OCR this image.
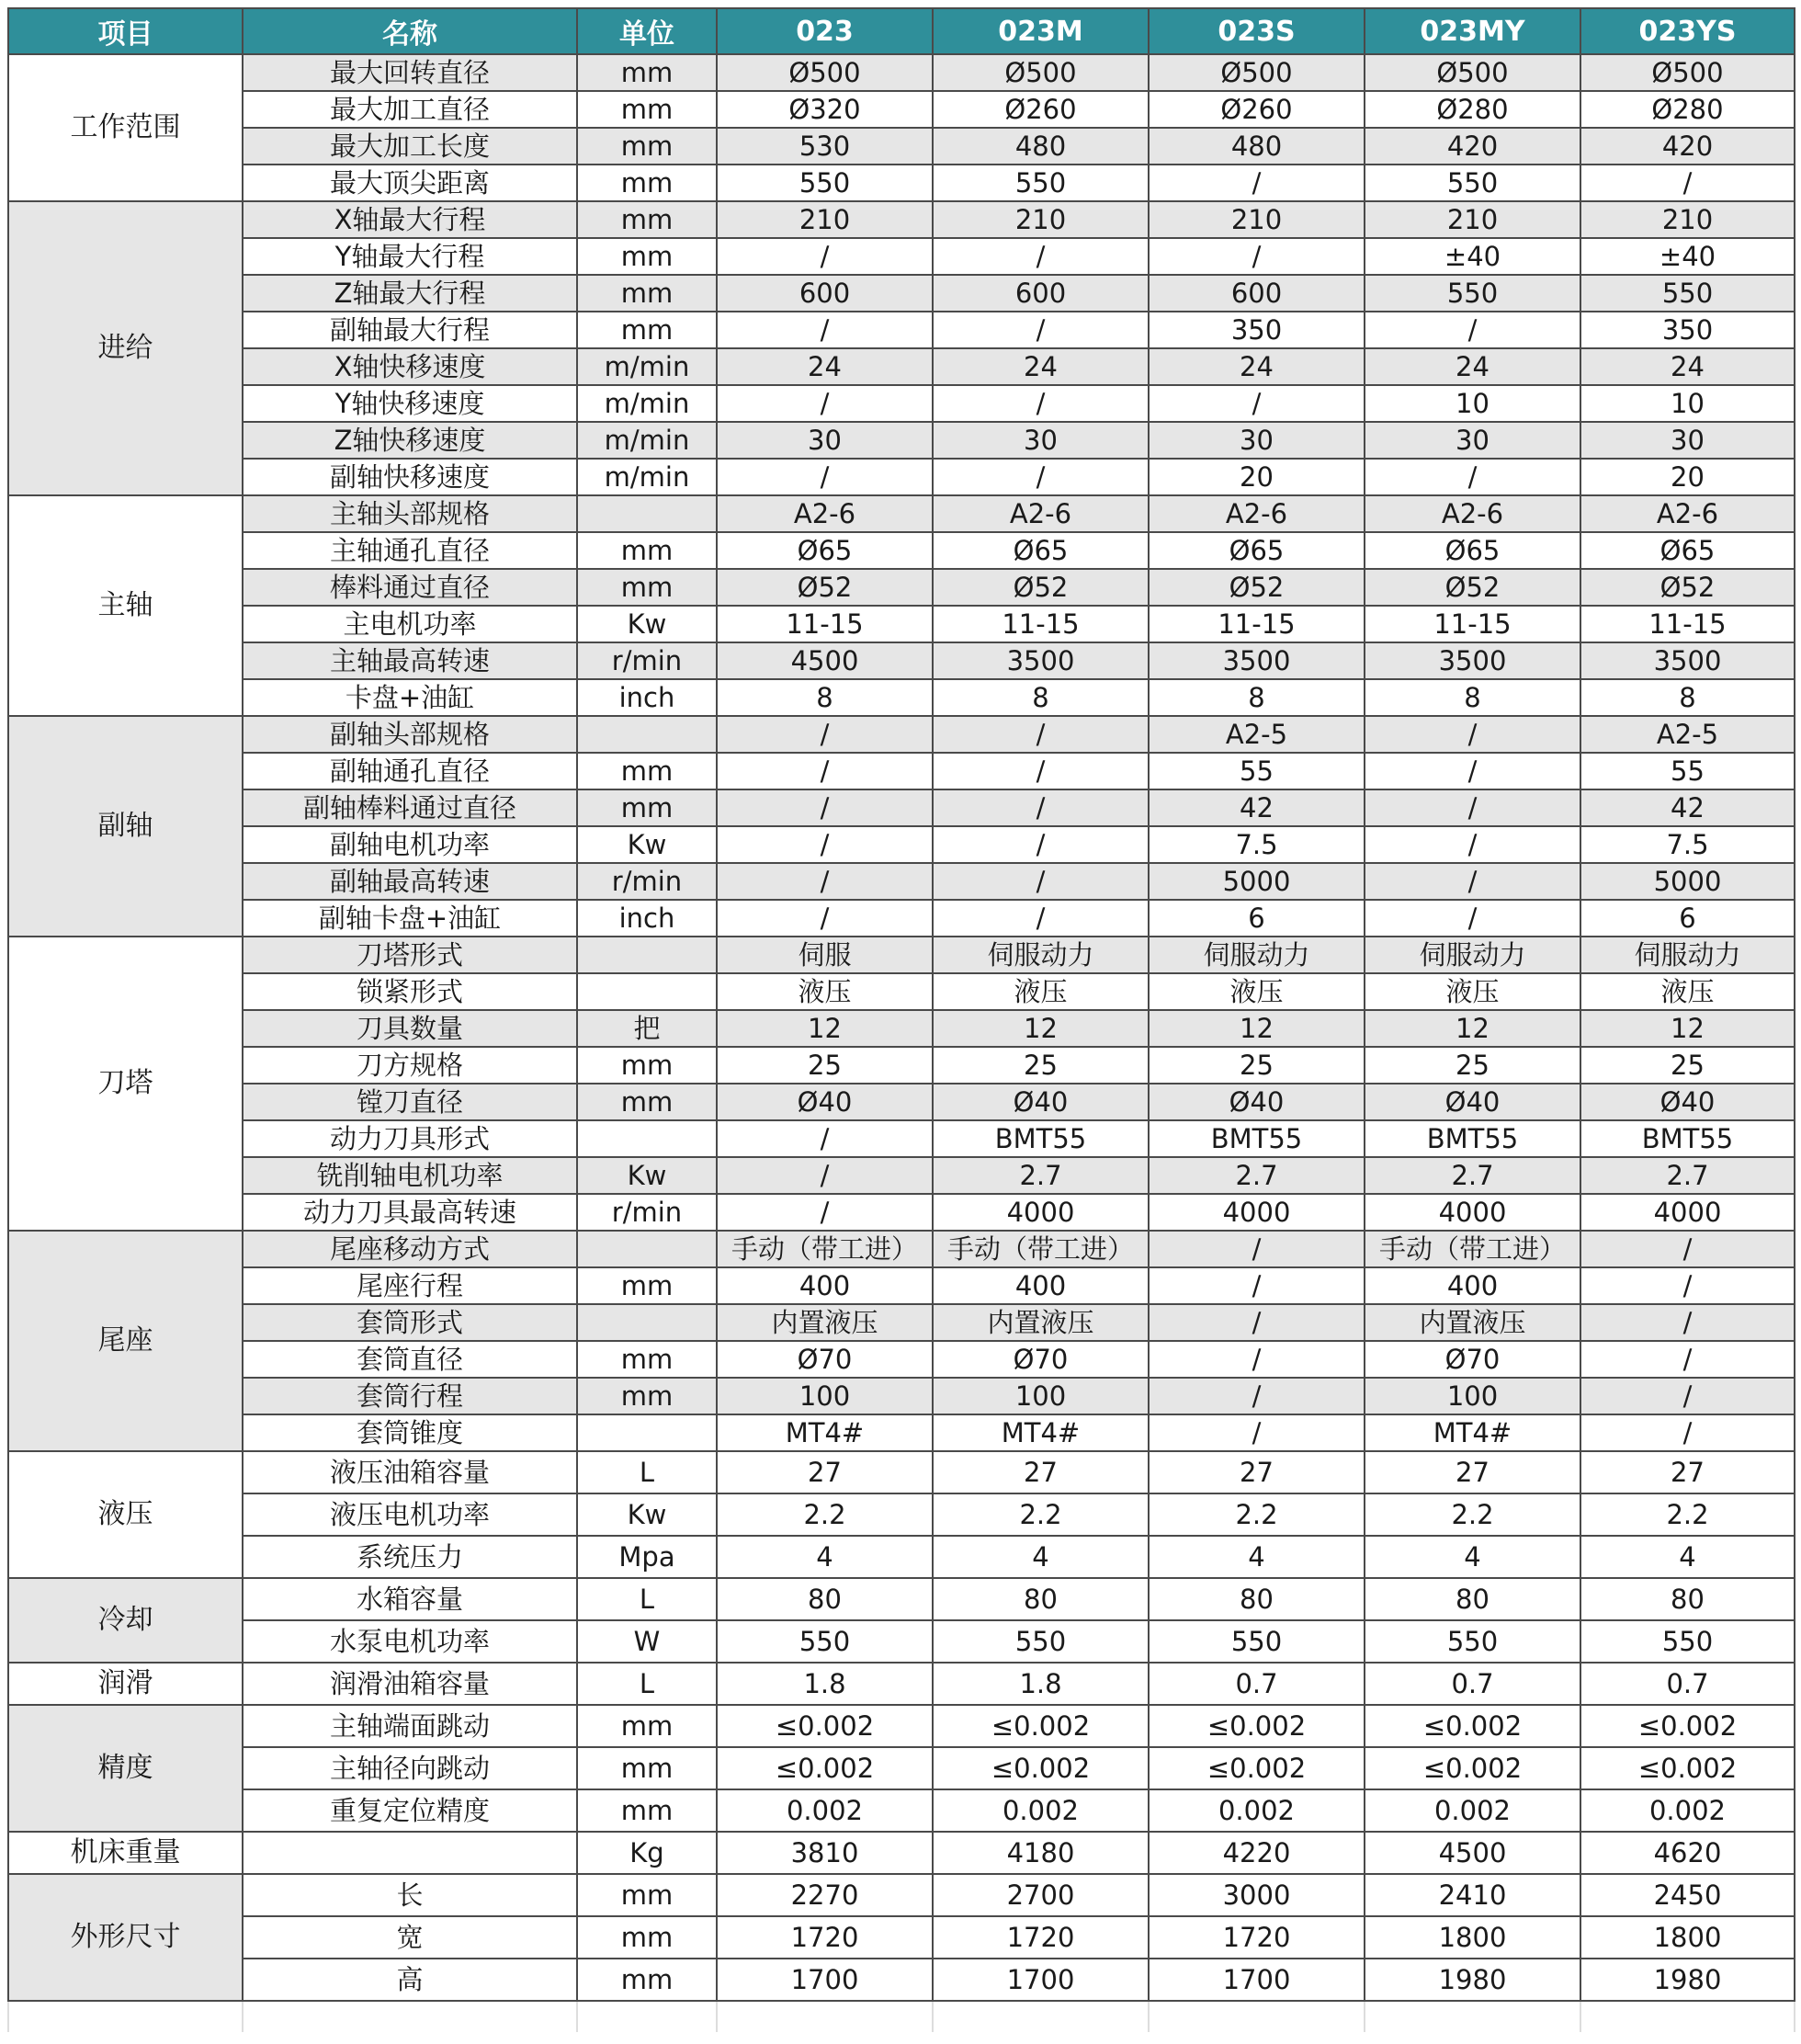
项目	名称	单位	023	023M	023S	023MY	023YS
工作范围	最大回转直径	mm	Ø500	Ø500	Ø500	Ø500	Ø500
	最大加工直径	mm	Ø320	Ø260	Ø260	Ø280	Ø280
	最大加工长度	mm	530	480	480	420	420
	最大顶尖距离	mm	550	550	/	550	/
进给	X轴最大行程	mm	210	210	210	210	210
	Y轴最大行程	mm	/	/	/	±40	±40
	Z轴最大行程	mm	600	600	600	550	550
	副轴最大行程	mm	/	/	350	/	350
	X轴快移速度	m/min	24	24	24	24	24
	Y轴快移速度	m/min	/	/	/	10	10
	Z轴快移速度	m/min	30	30	30	30	30
	副轴快移速度	m/min	/	/	20	/	20
主轴	主轴头部规格		A2-6	A2-6	A2-6	A2-6	A2-6
	主轴通孔直径	mm	Ø65	Ø65	Ø65	Ø65	Ø65
	棒料通过直径	mm	Ø52	Ø52	Ø52	Ø52	Ø52
	主电机功率	Kw	11-15	11-15	11-15	11-15	11-15
	主轴最高转速	r/min	4500	3500	3500	3500	3500
	卡盘+油缸	inch	8	8	8	8	8
副轴	副轴头部规格		/	/	A2-5	/	A2-5
	副轴通孔直径	mm	/	/	55	/	55
	副轴棒料通过直径	mm	/	/	42	/	42
	副轴电机功率	Kw	/	/	7.5	/	7.5
	副轴最高转速	r/min	/	/	5000	/	5000
	副轴卡盘+油缸	inch	/	/	6	/	6
刀塔	刀塔形式		伺服	伺服动力	伺服动力	伺服动力	伺服动力
	锁紧形式		液压	液压	液压	液压	液压
	刀具数量	把	12	12	12	12	12
	刀方规格	mm	25	25	25	25	25
	镗刀直径	mm	Ø40	Ø40	Ø40	Ø40	Ø40
	动力刀具形式		/	BMT55	BMT55	BMT55	BMT55
	铣削轴电机功率	Kw	/	2.7	2.7	2.7	2.7
	动力刀具最高转速	r/min	/	4000	4000	4000	4000
尾座	尾座移动方式		手动（带工进）	手动（带工进）	/	手动（带工进）	/
	尾座行程	mm	400	400	/	400	/
	套筒形式		内置液压	内置液压	/	内置液压	/
	套筒直径	mm	Ø70	Ø70	/	Ø70	/
	套筒行程	mm	100	100	/	100	/
	套筒锥度		MT4#	MT4#	/	MT4#	/
液压	液压油箱容量	L	27	27	27	27	27
	液压电机功率	Kw	2.2	2.2	2.2	2.2	2.2
	系统压力	Mpa	4	4	4	4	4
冷却	水箱容量	L	80	80	80	80	80
	水泵电机功率	W	550	550	550	550	550
润滑	润滑油箱容量	L	1.8	1.8	0.7	0.7	0.7
精度	主轴端面跳动	mm	≤0.002	≤0.002	≤0.002	≤0.002	≤0.002
	主轴径向跳动	mm	≤0.002	≤0.002	≤0.002	≤0.002	≤0.002
	重复定位精度	mm	0.002	0.002	0.002	0.002	0.002
机床重量		Kg	3810	4180	4220	4500	4620
外形尺寸	长	mm	2270	2700	3000	2410	2450
	宽	mm	1720	1720	1720	1800	1800
	高	mm	1700	1700	1700	1980	1980
